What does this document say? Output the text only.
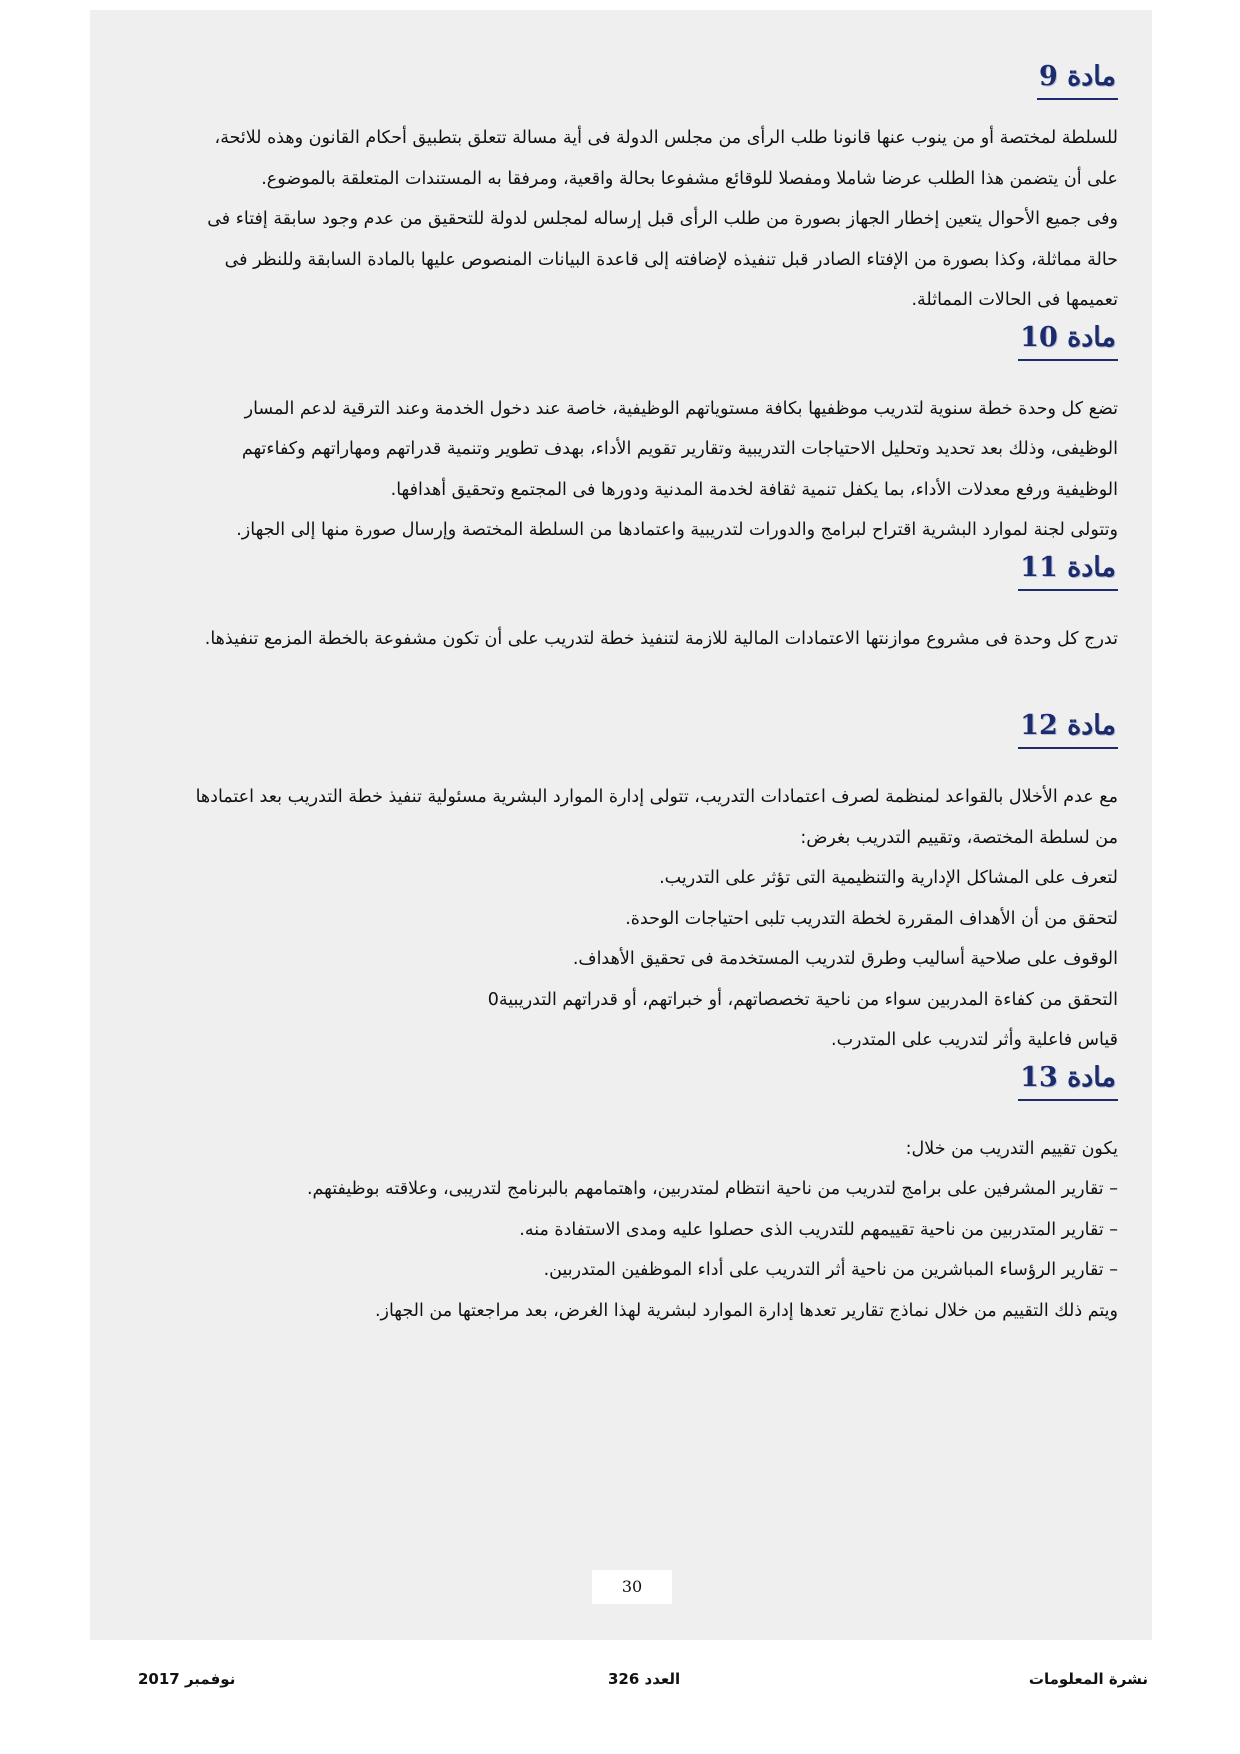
مادة 9

للسلطة لمختصة أو من ينوب عنها قانونا طلب الرأى من مجلس الدولة فى أية مسالة تتعلق بتطبيق أحكام القانون وهذه للائحة،

على أن يتضمن هذا الطلب عرضا شاملا ومفصلا للوقائع مشفوعا بحالة واقعية، ومرفقا به المستندات المتعلقة بالموضوع.

وفى جميع الأحوال يتعين إخطار الجهاز بصورة من طلب الرأى قبل إرساله لمجلس لدولة للتحقيق من عدم وجود سابقة إفتاء فى

حالة مماثلة، وكذا بصورة من الإفتاء الصادر قبل تنفيذه لإضافته إلى قاعدة البيانات المنصوص عليها بالمادة السابقة وللنظر فى

تعميمها فى الحالات المماثلة.

مادة 10

تضع كل وحدة خطة سنوية لتدريب موظفيها بكافة مستوياتهم الوظيفية، خاصة عند دخول الخدمة وعند الترقية لدعم المسار

الوظيفى، وذلك بعد تحديد وتحليل الاحتياجات التدريبية وتقارير تقويم الأداء، بهدف تطوير وتنمية قدراتهم ومهاراتهم وكفاءتهم

الوظيفية ورفع معدلات الأداء، بما يكفل تنمية ثقافة لخدمة المدنية ودورها فى المجتمع وتحقيق أهدافها.

وتتولى لجنة لموارد البشرية اقتراح لبرامج والدورات لتدريبية واعتمادها من السلطة المختصة وإرسال صورة منها إلى الجهاز.

مادة 11

تدرج كل وحدة فى مشروع موازنتها الاعتمادات المالية للازمة لتنفيذ خطة لتدريب على أن تكون مشفوعة بالخطة المزمع تنفيذها.

مادة 12

مع عدم الأخلال بالقواعد لمنظمة لصرف اعتمادات التدريب، تتولى إدارة الموارد البشرية مسئولية تنفيذ خطة التدريب بعد اعتمادها

من لسلطة المختصة، وتقييم التدريب بغرض:

لتعرف على المشاكل الإدارية والتنظيمية التى تؤثر على التدريب.

لتحقق من أن الأهداف المقررة لخطة التدريب تلبى احتياجات الوحدة.

الوقوف على صلاحية أساليب وطرق لتدريب المستخدمة فى تحقيق الأهداف.

التحقق من كفاءة المدربين سواء من ناحية تخصصاتهم، أو خبراتهم، أو قدراتهم التدريبية0

قياس فاعلية وأثر لتدريب على المتدرب.

مادة 13

يكون تقييم التدريب من خلال:

– تقارير المشرفين على برامج لتدريب من ناحية انتظام لمتدربين، واهتمامهم بالبرنامج لتدريبى، وعلاقته بوظيفتهم.

– تقارير المتدربين من ناحية تقييمهم للتدريب الذى حصلوا عليه ومدى الاستفادة منه.

– تقارير الرؤساء المباشرين من ناحية أثر التدريب على أداء الموظفين المتدربين.

ويتم ذلك التقييم من خلال نماذج تقارير تعدها إدارة الموارد لبشرية لهذا الغرض، بعد مراجعتها من الجهاز.

30
نشرة المعلومات
العدد 326
نوفمبر 2017
